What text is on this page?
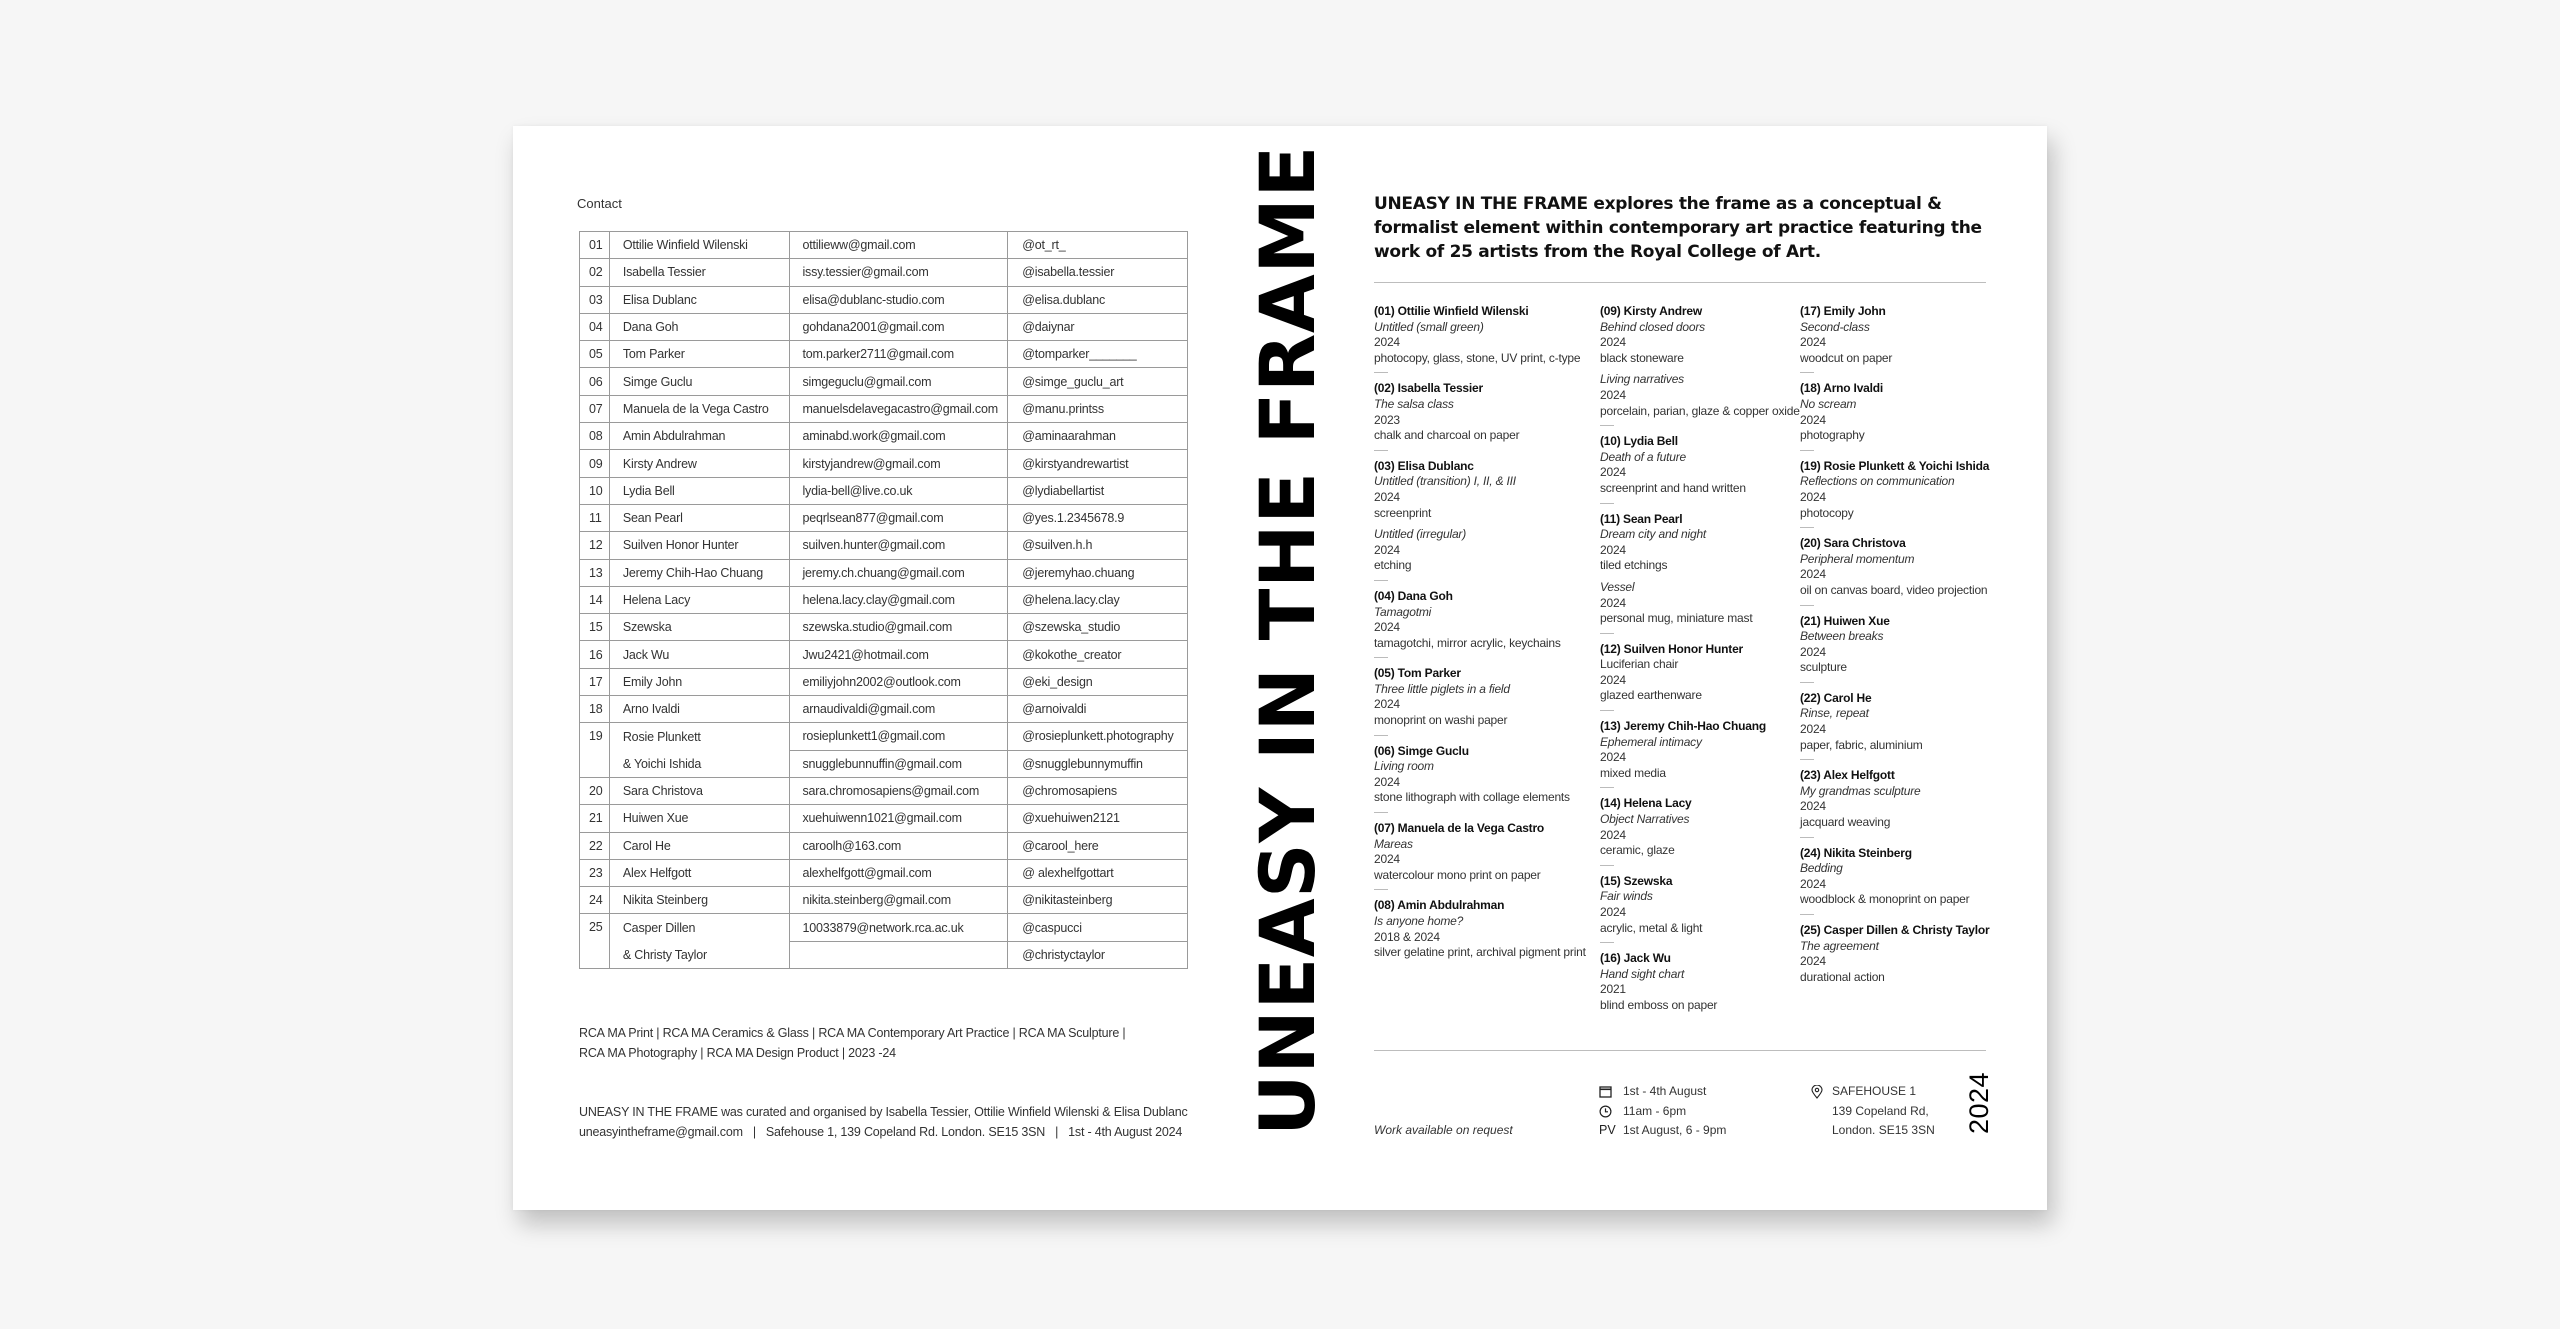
Contact
01	Ottilie Winfield Wilenski	ottilieww@gmail.com	@ot_rt_
02	Isabella Tessier	issy.tessier@gmail.com	@isabella.tessier
03	Elisa Dublanc	elisa@dublanc-studio.com	@elisa.dublanc
04	Dana Goh	gohdana2001@gmail.com	@daiynar
05	Tom Parker	tom.parker2711@gmail.com	@tomparker_______
06	Simge Guclu	simgeguclu@gmail.com	@simge_guclu_art
07	Manuela de la Vega Castro	manuelsdelavegacastro@gmail.com	@manu.printss
08	Amin Abdulrahman	aminabd.work@gmail.com	@aminaarahman
09	Kirsty Andrew	kirstyjandrew@gmail.com	@kirstyandrewartist
10	Lydia Bell	lydia-bell@live.co.uk	@lydiabellartist
11	Sean Pearl	peqrlsean877@gmail.com	@yes.1.2345678.9
12	Suilven Honor Hunter	suilven.hunter@gmail.com	@suilven.h.h
13	Jeremy Chih-Hao Chuang	jeremy.ch.chuang@gmail.com	@jeremyhao.chuang
14	Helena Lacy	helena.lacy.clay@gmail.com	@helena.lacy.clay
15	Szewska	szewska.studio@gmail.com	@szewska_studio
16	Jack Wu	Jwu2421@hotmail.com	@kokothe_creator
17	Emily John	emiliyjohn2002@outlook.com	@eki_design
18	Arno Ivaldi	arnaudivaldi@gmail.com	@arnoivaldi
19	Rosie Plunkett	rosieplunkett1@gmail.com	@rosieplunkett.photography
	& Yoichi Ishida	snugglebunnuffin@gmail.com	@snugglebunnymuffin
20	Sara Christova	sara.chromosapiens@gmail.com	@chromosapiens
21	Huiwen Xue	xuehuiwenn1021@gmail.com	@xuehuiwen2121
22	Carol He	caroolh@163.com	@carool_here
23	Alex Helfgott	alexhelfgott@gmail.com	@ alexhelfgottart
24	Nikita Steinberg	nikita.steinberg@gmail.com	@nikitasteinberg
25	Casper Dillen	10033879@network.rca.ac.uk	@caspucci
	& Christy Taylor		@christyctaylor
RCA MA Print | RCA MA Ceramics & Glass | RCA MA Contemporary Art Practice | RCA MA Sculpture |
RCA MA Photography | RCA MA Design Product | 2023 -24
UNEASY IN THE FRAME was curated and organised by Isabella Tessier, Ottilie Winfield Wilenski & Elisa Dublanc
uneasyintheframe@gmail.com | Safehouse 1, 139 Copeland Rd. London. SE15 3SN | 1st - 4th August 2024 UNEASY IN THE FRAME UNEASY IN THE FRAME explores the frame as a conceptual & formalist element within contemporary art practice featuring the work of 25 artists from the Royal College of Art.
(01) Ottilie Winfield Wilenski
Untitled (small green)
2024
photocopy, glass, stone, UV print, c-type
(02) Isabella Tessier
The salsa class
2023
chalk and charcoal on paper
(03) Elisa Dublanc
Untitled (transition) I, II, & III
2024
screenprint
Untitled (irregular)
2024
etching
(04) Dana Goh
Tamagotmi
2024
tamagotchi, mirror acrylic, keychains
(05) Tom Parker
Three little piglets in a field
2024
monoprint on washi paper
(06) Simge Guclu
Living room
2024
stone lithograph with collage elements
(07) Manuela de la Vega Castro
Mareas
2024
watercolour mono print on paper
(08) Amin Abdulrahman
Is anyone home?
2018 & 2024
silver gelatine print, archival pigment print
(09) Kirsty Andrew
Behind closed doors
2024
black stoneware
Living narratives
2024
porcelain, parian, glaze & copper oxide
(10) Lydia Bell
Death of a future
2024
screenprint and hand written
(11) Sean Pearl
Dream city and night
2024
tiled etchings
Vessel
2024
personal mug, miniature mast
(12) Suilven Honor Hunter
Luciferian chair
2024
glazed earthenware
(13) Jeremy Chih-Hao Chuang
Ephemeral intimacy
2024
mixed media
(14) Helena Lacy
Object Narratives
2024
ceramic, glaze
(15) Szewska
Fair winds
2024
acrylic, metal & light
(16) Jack Wu
Hand sight chart
2021
blind emboss on paper
(17) Emily John
Second-class
2024
woodcut on paper
(18) Arno Ivaldi
No scream
2024
photography
(19) Rosie Plunkett & Yoichi Ishida
Reflections on communication
2024
photocopy
(20) Sara Christova
Peripheral momentum
2024
oil on canvas board, video projection
(21) Huiwen Xue
Between breaks
2024
sculpture
(22) Carol He
Rinse, repeat
2024
paper, fabric, aluminium
(23) Alex Helfgott
My grandmas sculpture
2024
jacquard weaving
(24) Nikita Steinberg
Bedding
2024
woodblock & monoprint on paper
(25) Casper Dillen & Christy Taylor
The agreement
2024
durational action
Work available on request
1st - 4th August
11am - 6pm
PV 1st August, 6 - 9pm
SAFEHOUSE 1
139 Copeland Rd,
London. SE15 3SN 2024
